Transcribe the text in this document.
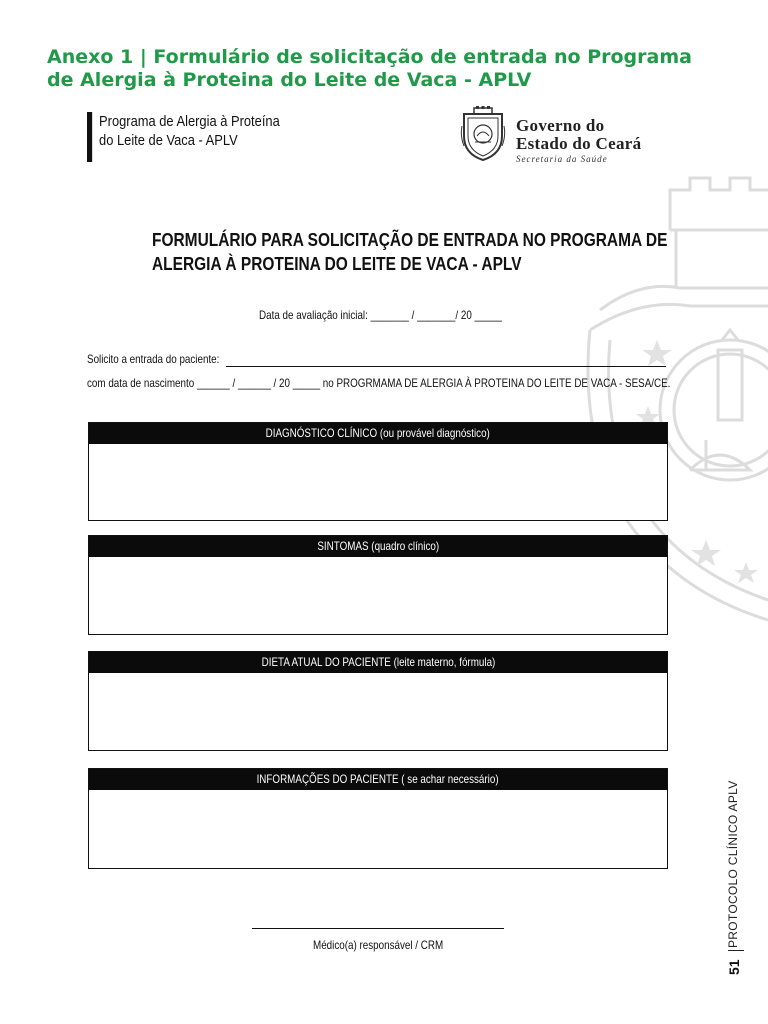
Anexo 1 | Formulário de solicitação de entrada no Programa
de Alergia à Proteina do Leite de Vaca - APLV
Programa de Alergia à Proteína
do Leite de Vaca - APLV
Governo do
Estado do Ceará
Secretaria da Saúde
FORMULÁRIO PARA SOLICITAÇÃO DE ENTRADA NO PROGRAMA DE
ALERGIA À PROTEINA DO LEITE DE VACA - APLV
Data de avaliação inicial: _______ / _______/ 20 _____
Solicito a entrada do paciente:
com data de nascimento ______ / ______ / 20 _____ no PROGRMAMA DE ALERGIA À PROTEINA DO LEITE DE VACA - SESA/CE.
DIAGNÓSTICO CLÍNICO (ou provável diagnóstico)
SINTOMAS (quadro clínico)
DIETA ATUAL DO PACIENTE (leite materno, fórmula)
INFORMAÇÕES DO PACIENTE ( se achar necessário)
Médico(a) responsável / CRM	PROTOCOLO CLÍNICO APLV
51
